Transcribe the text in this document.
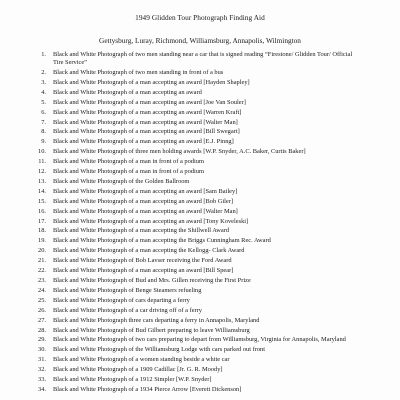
1949 Glidden Tour Photograph Finding Aid
Gettysburg, Luray, Richmond, Williamsburg, Annapolis, Wilmington
1. Black and White Photograph of two men standing near a car that is signed reading “Firestone/ Glidden Tour/ Official Tire Service”
2. Black and White Photograph of two men standing in front of a bus
3. Black and White Photograph of a man accepting an award [Hayden Shapley]
4. Black and White Photograph of a man accepting an award
5. Black and White Photograph of a man accepting an award [Joe Van Souler]
6. Black and White Photograph of a man accepting an award [Warren Kraft]
7. Black and White Photograph of a man accepting an award [Walter Man]
8. Black and White Photograph of a man accepting an award [Bill Swegart]
9. Black and White Photograph of a man accepting an award [E.J. Pinng]
10. Black and White Photograph of three men holding awards [W.P. Snyder, A.C. Baker, Curtis Baker]
11. Black and White Photograph of a man in front of a podium
12. Black and White Photograph of a man in front of a podium
13. Black and White Photograph of the Golden Ballroom
14. Black and White Photograph of a man accepting an award [Sam Bailey]
15. Black and White Photograph of a man accepting an award [Bob Giler]
16. Black and White Photograph of a man accepting an award [Walter Man]
17. Black and White Photograph of a man accepting an award [Tony Koveleski]
18. Black and White Photograph of a man accepting the Shillwell Award
19. Black and White Photograph of a man accepting the Briggs Cunningham Rec. Award
20. Black and White Photograph of a man accepting the Kellogg- Clark Award
21. Black and White Photograph of Bob Lavser receiving the Ford Award
22. Black and White Photograph of a man accepting an award [Bill Spear]
23. Black and White Photograph of Bud and Mrs. Gillen receiving the First Prize
24. Black and White Photograph of Benge Steamers refueling
25. Black and White Photograph of cars departing a ferry
26. Black and White Photograph of a car driving off of a ferry
27. Black and White Photograph three cars departing a ferry in Annapolis, Maryland
28. Black and White Photograph of Bud Gilbert preparing to leave Williamsburg
29. Black and White Photograph of two cars preparing to depart from Williamsburg, Virginia for Annapolis, Maryland
30. Black and White Photograph of the Williamsburg Lodge with cars parked out front
31. Black and White Photograph of a women standing beside a white car
32. Black and White Photograph of a 1909 Cadillac [Jr. G. R. Moody]
33. Black and White Photograph of a 1912 Simpler [W.P. Snyder]
34. Black and White Photograph of a 1934 Pierce Arrow [Everett Dickenson]
